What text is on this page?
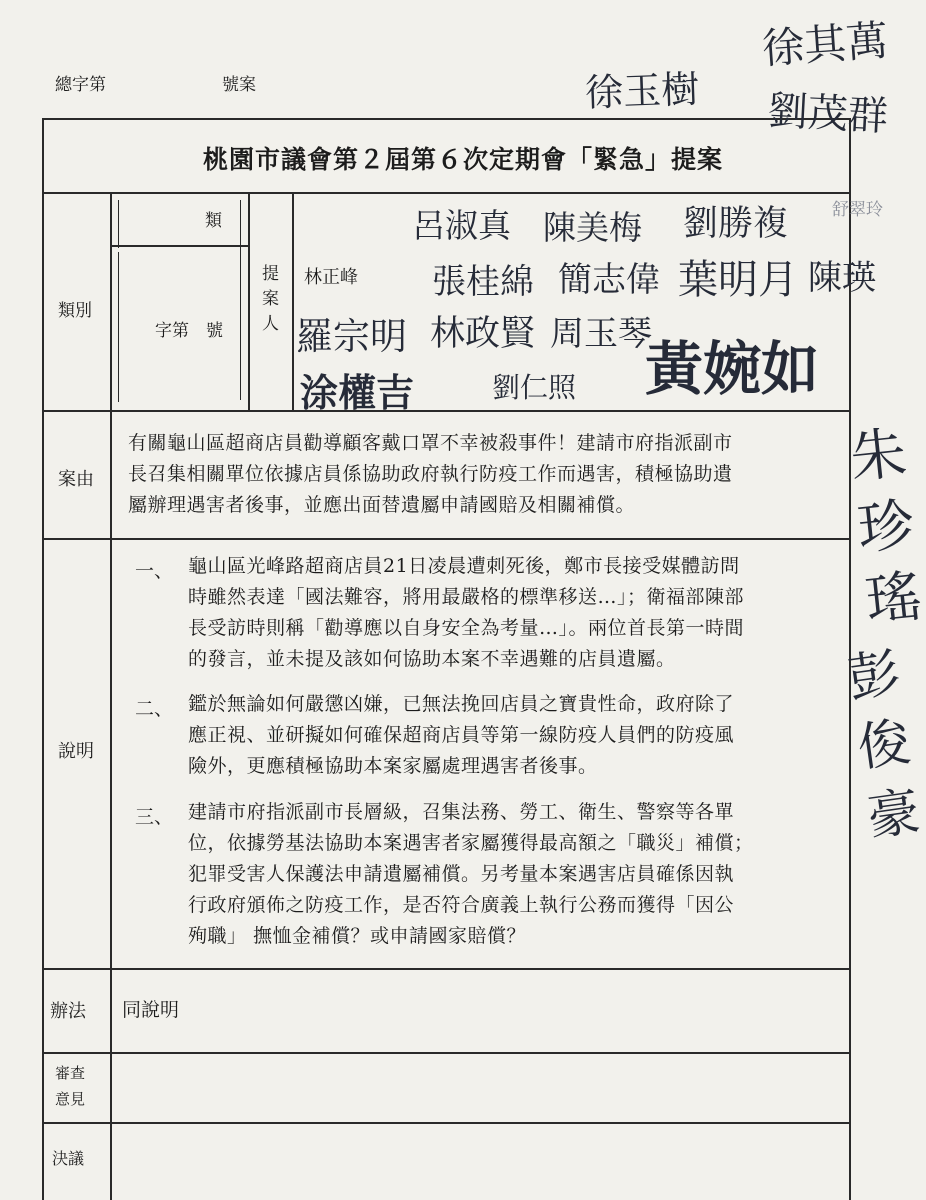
總字第	號案
桃園市議會第２屆第６次定期會「緊急」提案
類別
類
字第　號
提
案
人
林正峰
徐玉樹
徐其萬
劉茂群
呂淑真 陳美梅 劉勝複
張桂綿 簡志偉 葉明月 陳瑛
舒翠玲
羅宗明 林政賢 周玉琴
黃婉如
涂權吉	劉仁照
朱珍瑤
彭俊豪
案由
有關龜山區超商店員勸導顧客戴口罩不幸被殺事件！建請市府指派副市
長召集相關單位依據店員係協助政府執行防疫工作而遇害，積極協助遺
屬辦理遇害者後事，並應出面替遺屬申請國賠及相關補償。
說明
一、 龜山區光峰路超商店員21日凌晨遭刺死後，鄭市長接受媒體訪問
時雖然表達「國法難容，將用最嚴格的標準移送…」；衛福部陳部
長受訪時則稱「勸導應以自身安全為考量…」。兩位首長第一時間
的發言，並未提及該如何協助本案不幸遇難的店員遺屬。
二、 鑑於無論如何嚴懲凶嫌，已無法挽回店員之寶貴性命，政府除了
應正視、並研擬如何確保超商店員等第一線防疫人員們的防疫風
險外，更應積極協助本案家屬處理遇害者後事。
三、 建請市府指派副市長層級，召集法務、勞工、衛生、警察等各單
位，依據勞基法協助本案遇害者家屬獲得最高額之「職災」補償；
犯罪受害人保護法申請遺屬補償。另考量本案遇害店員確係因執
行政府頒佈之防疫工作，是否符合廣義上執行公務而獲得「因公
殉職」 撫恤金補償？或申請國家賠償？
辦法 同說明
審查
意見
決議
